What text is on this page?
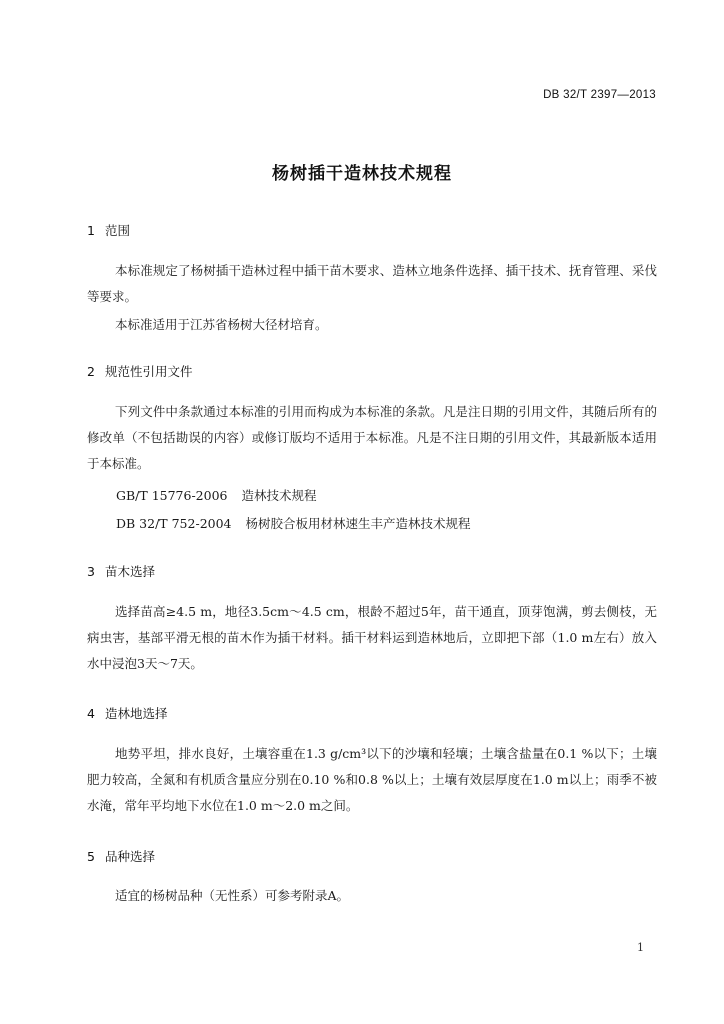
DB 32/T 2397—2013
杨树插干造林技术规程
1 范围
本标准规定了杨树插干造林过程中插干苗木要求、造林立地条件选择、插干技术、抚育管理、采伐等要求。
本标准适用于江苏省杨树大径材培育。
2 规范性引用文件
下列文件中条款通过本标准的引用而构成为本标准的条款。凡是注日期的引用文件，其随后所有的修改单（不包括勘误的内容）或修订版均不适用于本标准。凡是不注日期的引用文件，其最新版本适用于本标准。
GB/T 15776-2006 造林技术规程
DB 32/T 752-2004 杨树胶合板用材林速生丰产造林技术规程
3 苗木选择
选择苗高≥4.5 m，地径3.5cm～4.5 cm，根龄不超过5年，苗干通直，顶芽饱满，剪去侧枝，无病虫害，基部平滑无根的苗木作为插干材料。插干材料运到造林地后，立即把下部（1.0 m左右）放入水中浸泡3天～7天。
4 造林地选择
地势平坦，排水良好，土壤容重在1.3 g/cm³以下的沙壤和轻壤；土壤含盐量在0.1 %以下；土壤肥力较高，全氮和有机质含量应分别在0.10 %和0.8 %以上；土壤有效层厚度在1.0 m以上；雨季不被水淹，常年平均地下水位在1.0 m～2.0 m之间。
5 品种选择
适宜的杨树品种（无性系）可参考附录A。
1
